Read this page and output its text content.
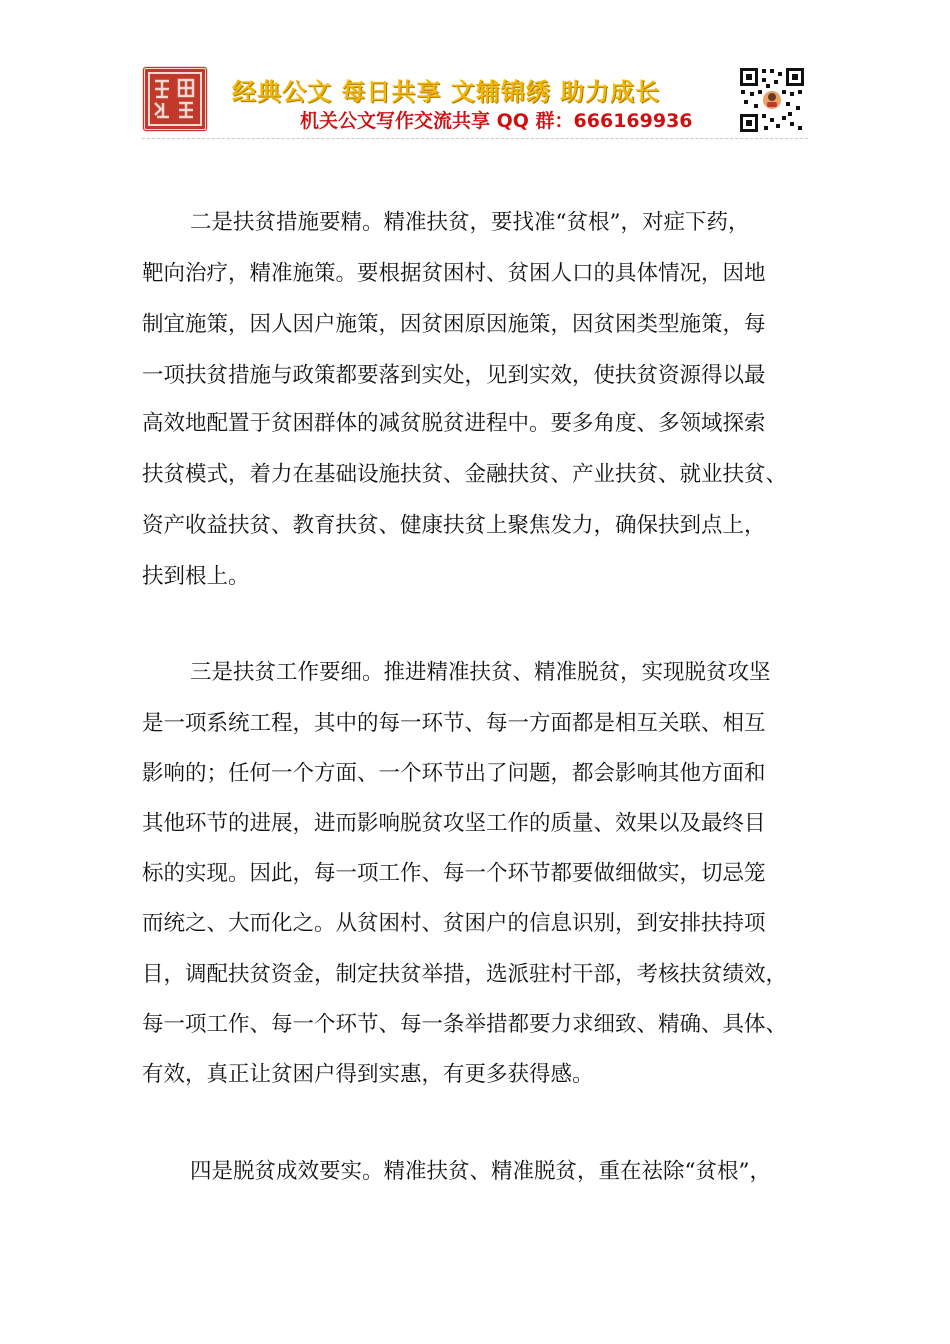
经典公文 每日共享 文辅锦绣 助力成长
机关公文写作交流共享 QQ 群：666169936
二是扶贫措施要精。精准扶贫，要找准“贫根”，对症下药，
靶向治疗，精准施策。要根据贫困村、贫困人口的具体情况，因地
制宜施策，因人因户施策，因贫困原因施策，因贫困类型施策，每
一项扶贫措施与政策都要落到实处，见到实效，使扶贫资源得以最
高效地配置于贫困群体的减贫脱贫进程中。要多角度、多领域探索
扶贫模式，着力在基础设施扶贫、金融扶贫、产业扶贫、就业扶贫、
资产收益扶贫、教育扶贫、健康扶贫上聚焦发力，确保扶到点上，
扶到根上。
三是扶贫工作要细。推进精准扶贫、精准脱贫，实现脱贫攻坚
是一项系统工程，其中的每一环节、每一方面都是相互关联、相互
影响的；任何一个方面、一个环节出了问题，都会影响其他方面和
其他环节的进展，进而影响脱贫攻坚工作的质量、效果以及最终目
标的实现。因此，每一项工作、每一个环节都要做细做实，切忌笼
而统之、大而化之。从贫困村、贫困户的信息识别，到安排扶持项
目，调配扶贫资金，制定扶贫举措，选派驻村干部，考核扶贫绩效，
每一项工作、每一个环节、每一条举措都要力求细致、精确、具体、
有效，真正让贫困户得到实惠，有更多获得感。
四是脱贫成效要实。精准扶贫、精准脱贫，重在祛除“贫根”，
